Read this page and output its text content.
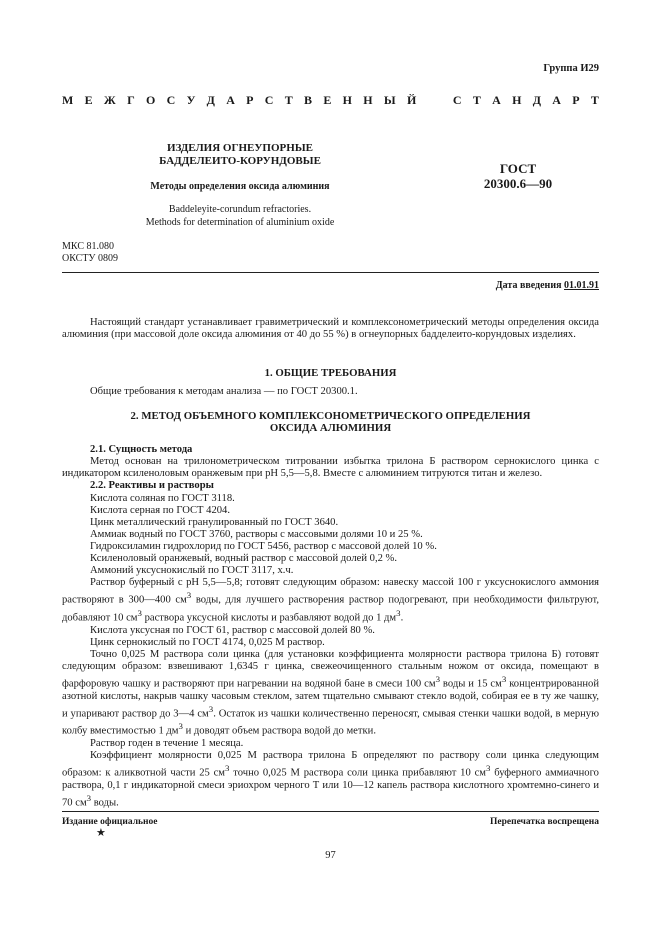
Группа И29
М Е Ж Г О С У Д А Р С Т В Е Н Н Ы Й	С Т А Н Д А Р Т
ИЗДЕЛИЯ ОГНЕУПОРНЫЕ
БАДДЕЛЕИТО-КОРУНДОВЫЕ
Методы определения оксида алюминия
Baddeleyite-corundum refractories.
Methods for determination of aluminium oxide
ГОСТ
20300.6—90
МКС 81.080
ОКСТУ 0809
Дата введения 01.01.91

Настоящий стандарт устанавливает гравиметрический и комплексонометрический методы определения оксида алюминия (при массовой доле оксида алюминия от 40 до 55 %) в огнеупорных бадделеито-корундовых изделиях.

1. ОБЩИЕ ТРЕБОВАНИЯ

Общие требования к методам анализа — по ГОСТ 20300.1.

2. МЕТОД ОБЪЕМНОГО КОМПЛЕКСОНОМЕТРИЧЕСКОГО ОПРЕДЕЛЕНИЯ

ОКСИДА АЛЮМИНИЯ

2.1. Сущность метода

Метод основан на трилонометрическом титровании избытка трилона Б раствором сернокислого цинка с индикатором ксиленоловым оранжевым при pH 5,5—5,8. Вместе с алюминием титруются титан и железо.

2.2. Реактивы и растворы

Кислота соляная по ГОСТ 3118.

Кислота серная по ГОСТ 4204.

Цинк металлический гранулированный по ГОСТ 3640.

Аммиак водный по ГОСТ 3760, растворы с массовыми долями 10 и 25 %.

Гидроксиламин гидрохлорид по ГОСТ 5456, раствор с массовой долей 10 %.

Ксиленоловый оранжевый, водный раствор с массовой долей 0,2 %.

Аммоний уксуснокислый по ГОСТ 3117, х.ч.

Раствор буферный с pH 5,5—5,8; готовят следующим образом: навеску массой 100 г уксуснокислого аммония растворяют в 300—400 $см^3$ воды, для лучшего растворения раствор подогревают, при необходимости фильтруют, добавляют 10 $см^3$ раствора уксусной кислоты и разбавляют водой до 1 $дм^3$.

Кислота уксусная по ГОСТ 61, раствор с массовой долей 80 %.

Цинк сернокислый по ГОСТ 4174, 0,025 М раствор.

Точно 0,025 М раствора соли цинка (для установки коэффициента молярности раствора трилона Б) готовят следующим образом: взвешивают 1,6345 г цинка, свежеочищенного стальным ножом от оксида, помещают в фарфоровую чашку и растворяют при нагревании на водяной бане в смеси 100 $см^3$ воды и 15 $см^3$ концентрированной азотной кислоты, накрыв чашку часовым стеклом, затем тщательно смывают стекло водой, собирая ее в ту же чашку, и упаривают раствор до 3—4 $см^3$. Остаток из чашки количественно переносят, смывая стенки чашки водой, в мерную колбу вместимостью 1 $дм^3$ и доводят объем раствора водой до метки.

Раствор годен в течение 1 месяца.

Коэффициент молярности 0,025 М раствора трилона Б определяют по раствору соли цинка следующим образом: к аликвотной части 25 $см^3$ точно 0,025 М раствора соли цинка прибавляют 10 $см^3$ буферного аммиачного раствора, 0,1 г индикаторной смеси эриохром черного Т или 10—12 капель раствора кислотного хромтемно-синего и 70 $см^3$ воды.

Издание официальное	Перепечатка воспрещена
★
97
